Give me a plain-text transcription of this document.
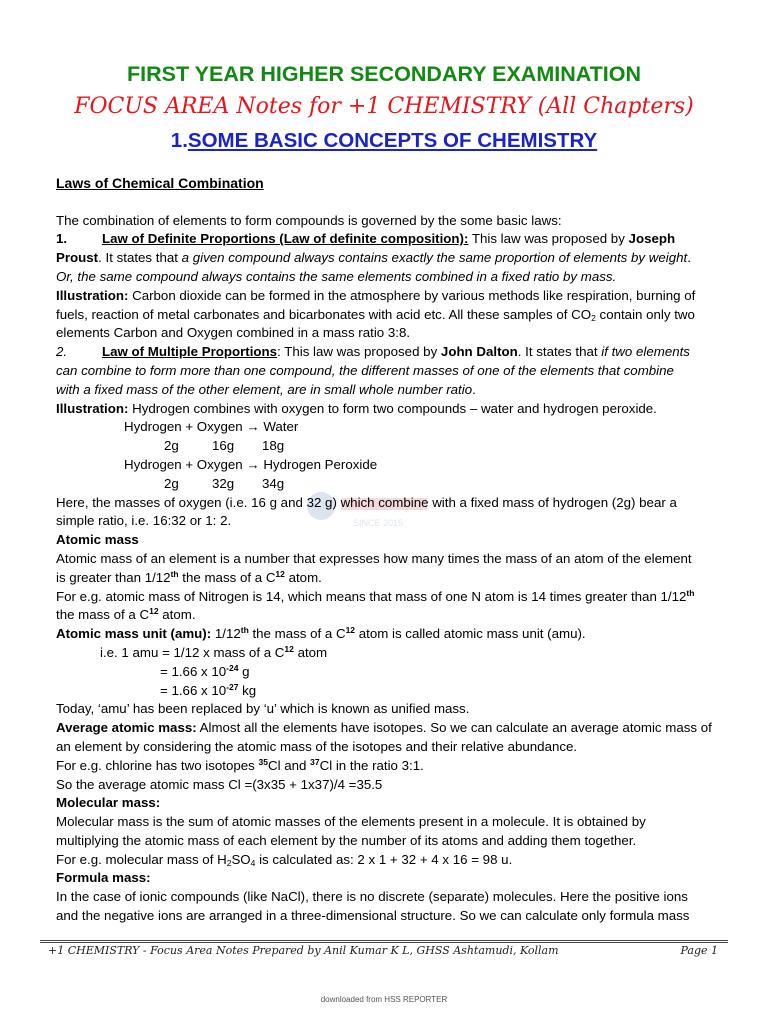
FIRST YEAR HIGHER SECONDARY EXAMINATION
FOCUS AREA Notes for +1 CHEMISTRY (All Chapters)
1.SOME BASIC CONCEPTS OF CHEMISTRY
SINCE 2015
Laws of Chemical Combination
The combination of elements to form compounds is governed by the some basic laws:
1.	Law of Definite Proportions (Law of definite composition): This law was proposed by Joseph
Proust. It states that a given compound always contains exactly the same proportion of elements by weight.
Or, the same compound always contains the same elements combined in a fixed ratio by mass.
Illustration: Carbon dioxide can be formed in the atmosphere by various methods like respiration, burning of
fuels, reaction of metal carbonates and bicarbonates with acid etc. All these samples of $CO_2$ contain only two
elements Carbon and Oxygen combined in a mass ratio 3:8.
2.	Law of Multiple Proportions: This law was proposed by John Dalton. It states that if two elements
can combine to form more than one compound, the different masses of one of the elements that combine
with a fixed mass of the other element, are in small whole number ratio.
Illustration: Hydrogen combines with oxygen to form two compounds – water and hydrogen peroxide.
Hydrogen + Oxygen → Water
2g 16g 18g
Hydrogen + Oxygen → Hydrogen Peroxide
2g 32g 34g
Here, the masses of oxygen (i.e. 16 g and 32 g) which combine with a fixed mass of hydrogen (2g) bear a
simple ratio, i.e. 16:32 or 1: 2.
Atomic mass
Atomic mass of an element is a number that expresses how many times the mass of an atom of the element
is greater than 1/12th the mass of a $C^{12}$ atom.
For e.g. atomic mass of Nitrogen is 14, which means that mass of one N atom is 14 times greater than 1/12th
the mass of a $C^{12}$ atom.
Atomic mass unit (amu): 1/12th the mass of a $C^{12}$ atom is called atomic mass unit (amu).
i.e. 1 amu = 1/12 x mass of a $C^{12}$ atom
= 1.66 x $10^{-24}$ g
= 1.66 x $10^{-27}$ kg
Today, ‘amu’ has been replaced by ‘u’ which is known as unified mass.
Average atomic mass: Almost all the elements have isotopes. So we can calculate an average atomic mass of
an element by considering the atomic mass of the isotopes and their relative abundance.
For e.g. chlorine has two isotopes $^{35}$Cl and $^{37}$Cl in the ratio 3:1.
So the average atomic mass Cl =(3x35 + 1x37)/4 =35.5
Molecular mass:
Molecular mass is the sum of atomic masses of the elements present in a molecule. It is obtained by
multiplying the atomic mass of each element by the number of its atoms and adding them together.
For e.g. molecular mass of $H_2SO_4$ is calculated as: 2 x 1 + 32 + 4 x 16 = 98 u.
Formula mass:
In the case of ionic compounds (like NaCl), there is no discrete (separate) molecules. Here the positive ions
and the negative ions are arranged in a three-dimensional structure. So we can calculate only formula mass
+1 CHEMISTRY - Focus Area Notes Prepared by Anil Kumar K L, GHSS Ashtamudi, Kollam	Page 1
downloaded from HSS REPORTER
